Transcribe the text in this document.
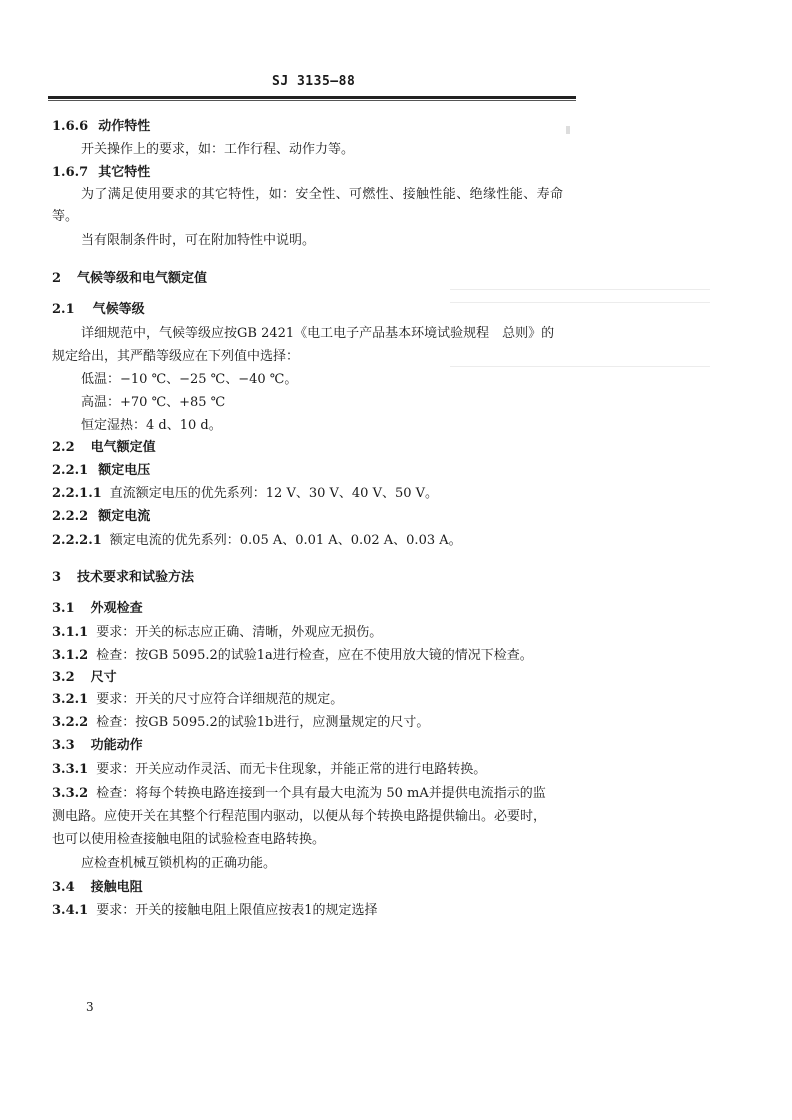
SJ 3135—88
1.6.6 动作特性
开关操作上的要求，如：工作行程、动作力等。
1.6.7 其它特性
为了满足使用要求的其它特性，如：安全性、可燃性、接触性能、绝缘性能、寿命
等。
当有限制条件时，可在附加特性中说明。
2 气候等级和电气额定值
2.1 气候等级
详细规范中，气候等级应按GB 2421《电工电子产品基本环境试验规程　总则》的
规定给出，其严酷等级应在下列值中选择：
低温：−10 ℃、−25 ℃、−40 ℃。
高温：+70 ℃、+85 ℃
恒定湿热：4 d、10 d。
2.2 电气额定值
2.2.1 额定电压
2.2.1.1 直流额定电压的优先系列：12 V、30 V、40 V、50 V。
2.2.2 额定电流
2.2.2.1 额定电流的优先系列：0.05 A、0.01 A、0.02 A、0.03 A。
3 技术要求和试验方法
3.1 外观检查
3.1.1 要求：开关的标志应正确、清晰，外观应无损伤。
3.1.2 检查：按GB 5095.2的试验1a进行检查，应在不使用放大镜的情况下检查。
3.2 尺寸
3.2.1 要求：开关的尺寸应符合详细规范的规定。
3.2.2 检查：按GB 5095.2的试验1b进行，应测量规定的尺寸。
3.3 功能动作
3.3.1 要求：开关应动作灵活、而无卡住现象，并能正常的进行电路转换。
3.3.2 检查：将每个转换电路连接到一个具有最大电流为 50 mA并提供电流指示的监
测电路。应使开关在其整个行程范围内驱动，以便从每个转换电路提供输出。必要时，
也可以使用检查接触电阻的试验检查电路转换。
应检查机械互锁机构的正确功能。
3.4 接触电阻
3.4.1 要求：开关的接触电阻上限值应按表1的规定选择
3
